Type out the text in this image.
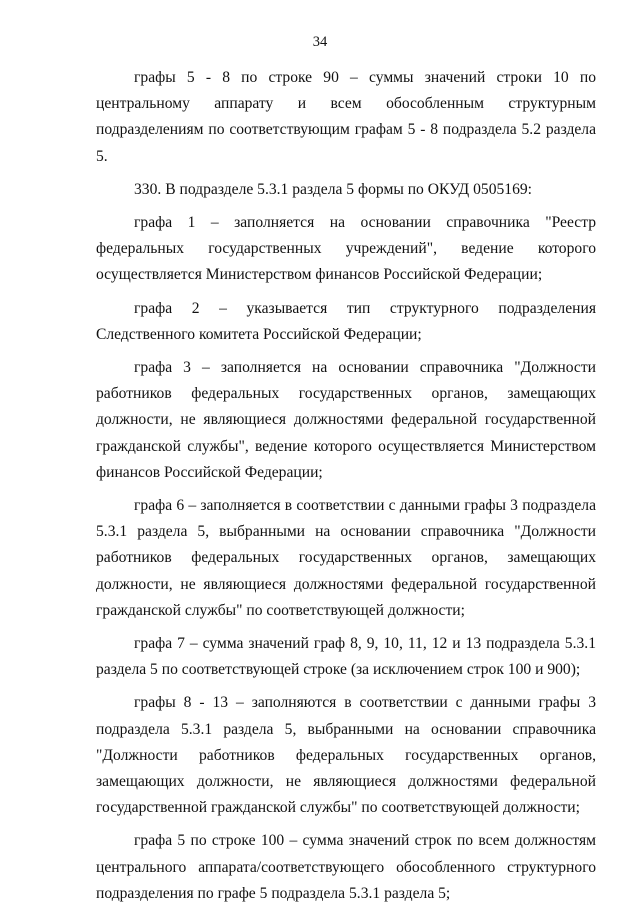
34

графы 5 - 8 по строке 90 – суммы значений строки 10 по центральному аппарату и всем обособленным структурным подразделениям по соответствующим графам 5 - 8 подраздела 5.2 раздела 5.

330. В подразделе 5.3.1 раздела 5 формы по ОКУД 0505169:

графа 1 – заполняется на основании справочника "Реестр федеральных государственных учреждений", ведение которого осуществляется Министерством финансов Российской Федерации;

графа 2 – указывается тип структурного подразделения Следственного комитета Российской Федерации;

графа 3 – заполняется на основании справочника "Должности работников федеральных государственных органов, замещающих должности, не являющиеся должностями федеральной государственной гражданской службы", ведение которого осуществляется Министерством финансов Российской Федерации;

графа 6 – заполняется в соответствии с данными графы 3 подраздела 5.3.1 раздела 5, выбранными на основании справочника "Должности работников федеральных государственных органов, замещающих должности, не являющиеся должностями федеральной государственной гражданской службы" по соответствующей должности;

графа 7 – сумма значений граф 8, 9, 10, 11, 12 и 13 подраздела 5.3.1 раздела 5 по соответствующей строке (за исключением строк 100 и 900);

графы 8 - 13 – заполняются в соответствии с данными графы 3 подраздела 5.3.1 раздела 5, выбранными на основании справочника "Должности работников федеральных государственных органов, замещающих должности, не являющиеся должностями федеральной государственной гражданской службы" по соответствующей должности;

графа 5 по строке 100 – сумма значений строк по всем должностям центрального аппарата/соответствующего обособленного структурного подразделения по графе 5 подраздела 5.3.1 раздела 5;
